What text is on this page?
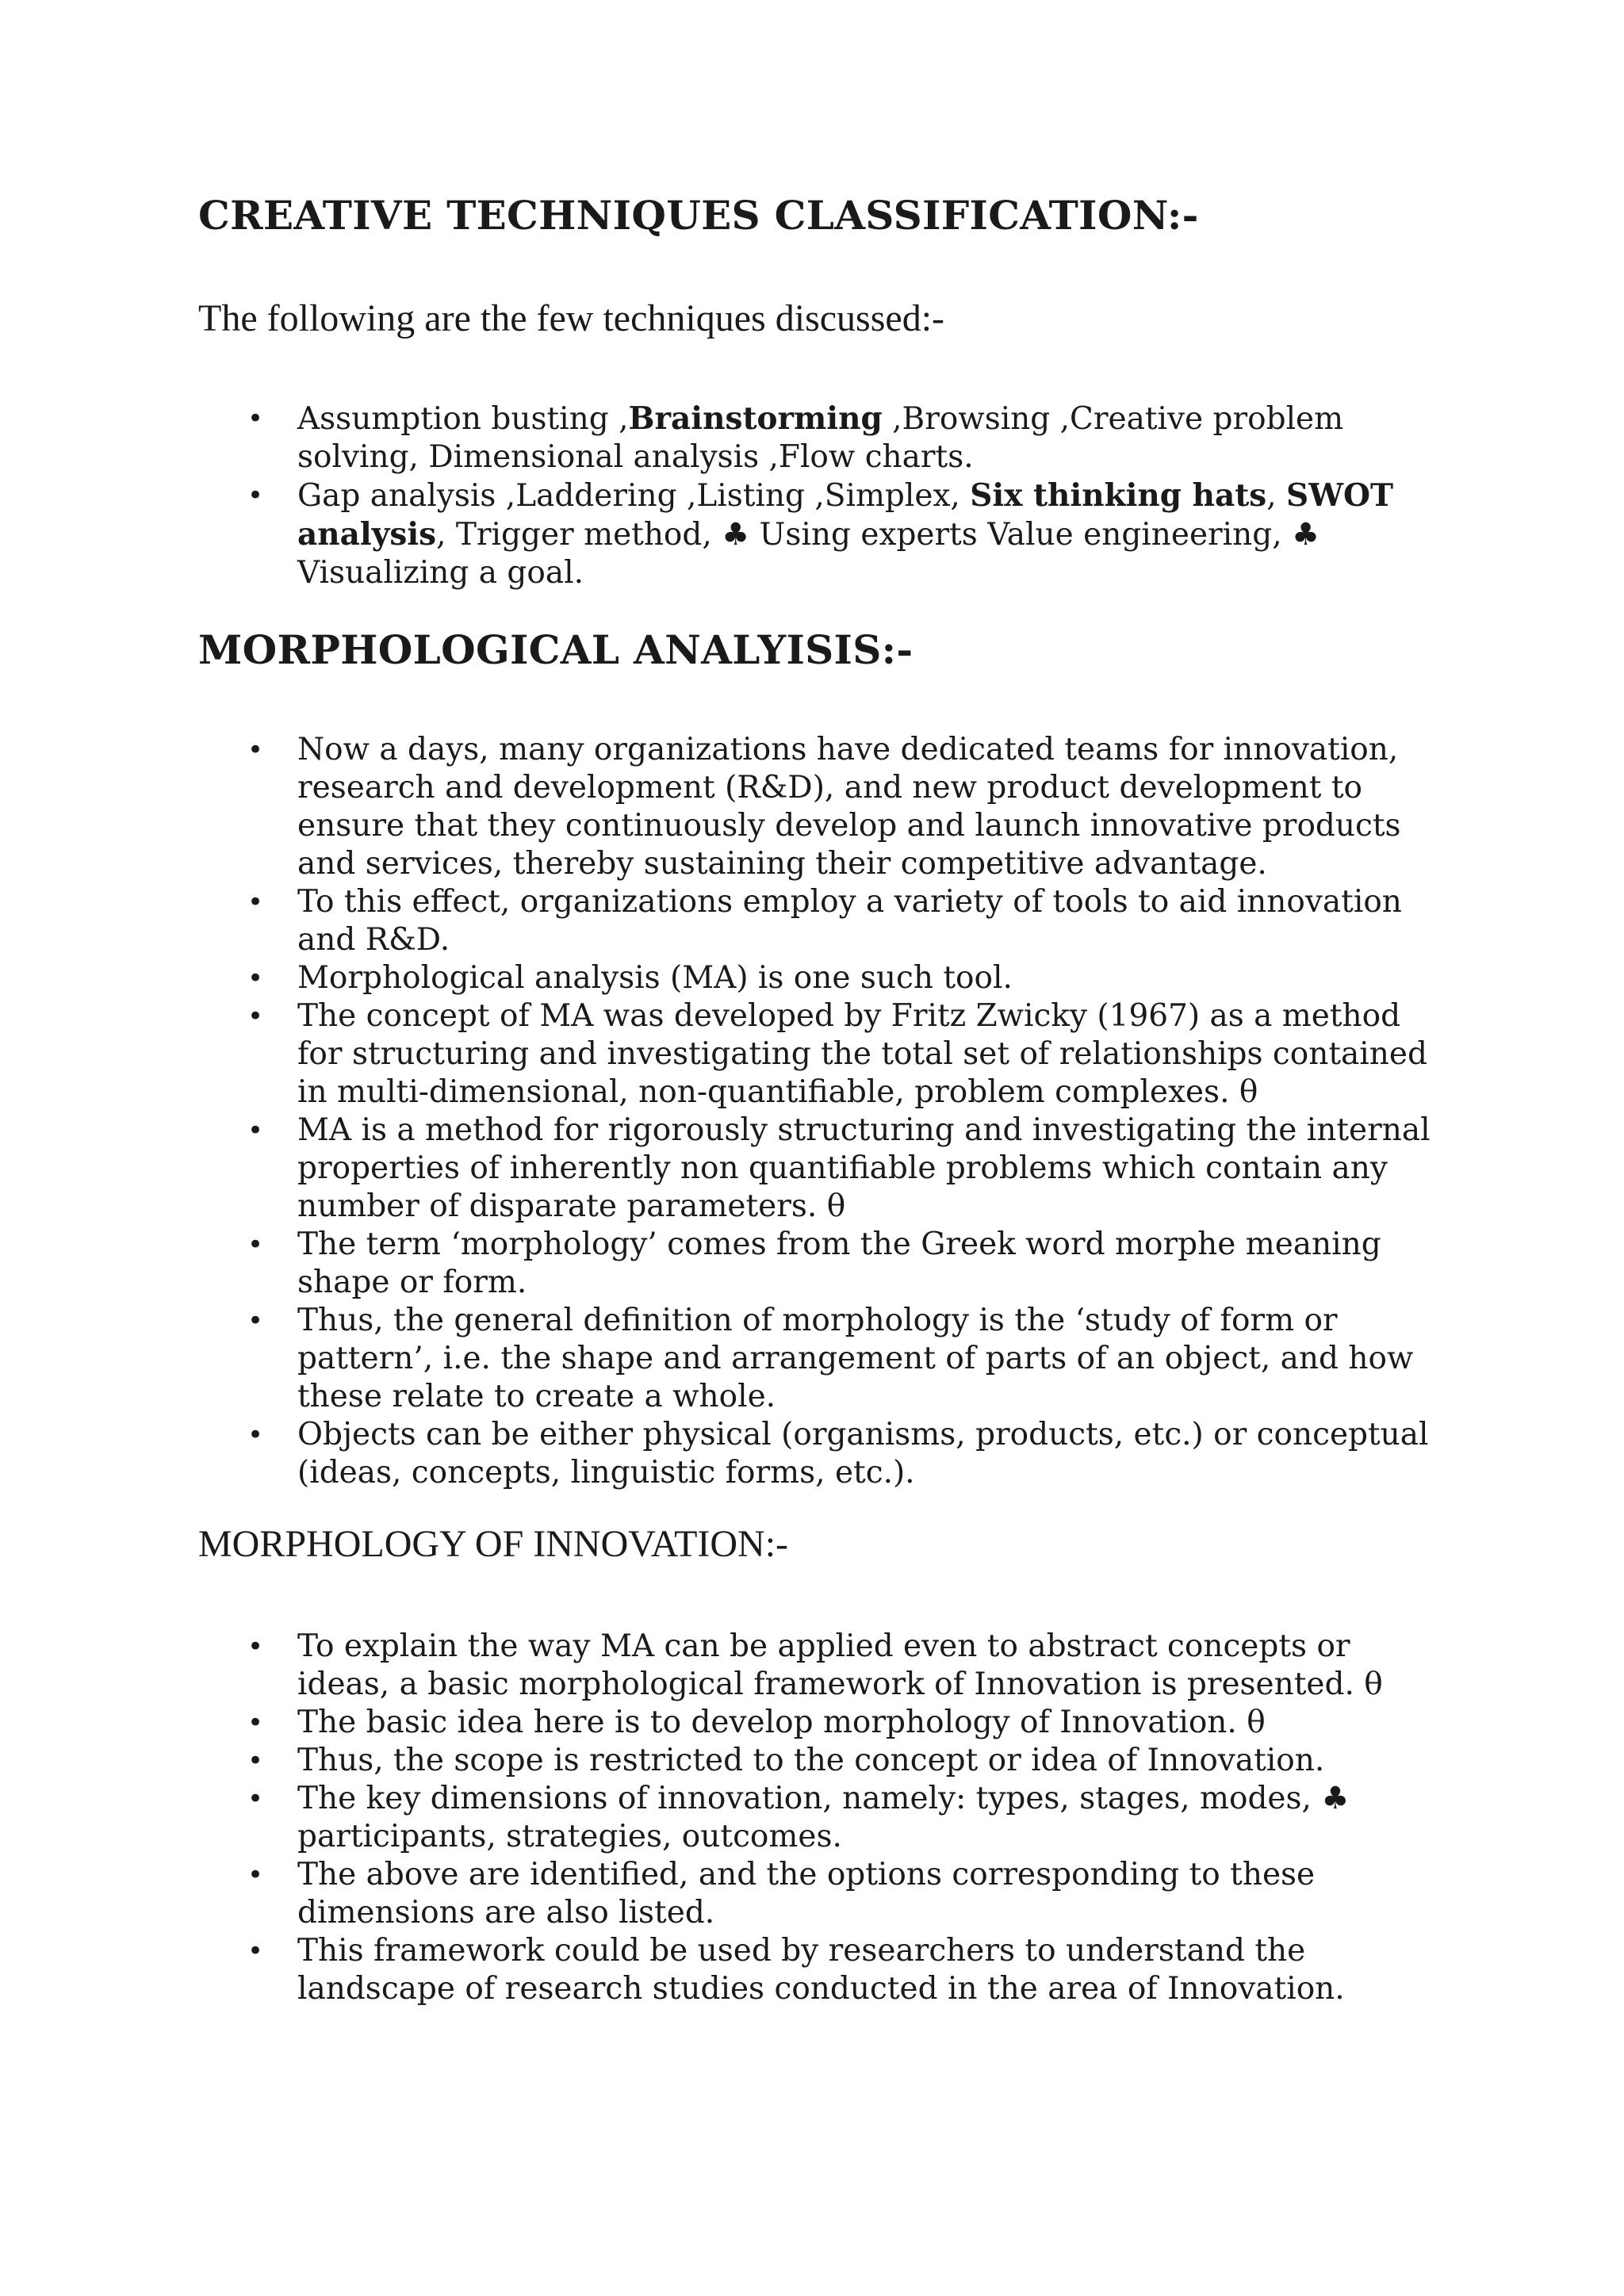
CREATIVE TECHNIQUES CLASSIFICATION:-

The following are the few techniques discussed:-

• Assumption busting ,Brainstorming ,Browsing ,Creative problem solving, Dimensional analysis ,Flow charts.
• Gap analysis ,Laddering ,Listing ,Simplex, Six thinking hats, SWOT analysis, Trigger method, ♣ Using experts Value engineering, ♣ Visualizing a goal.
MORPHOLOGICAL ANALYISIS:-
• Now a days, many organizations have dedicated teams for innovation, research and development (R&D), and new product development to ensure that they continuously develop and launch innovative products and services, thereby sustaining their competitive advantage.
• To this effect, organizations employ a variety of tools to aid innovation and R&D.
• Morphological analysis (MA) is one such tool.
• The concept of MA was developed by Fritz Zwicky (1967) as a method for structuring and investigating the total set of relationships contained in multi-dimensional, non-quantifiable, problem complexes. θ
• MA is a method for rigorously structuring and investigating the internal properties of inherently non quantifiable problems which contain any number of disparate parameters. θ
• The term ‘morphology’ comes from the Greek word morphe meaning shape or form.
• Thus, the general definition of morphology is the ‘study of form or pattern’, i.e. the shape and arrangement of parts of an object, and how these relate to create a whole.
• Objects can be either physical (organisms, products, etc.) or conceptual (ideas, concepts, linguistic forms, etc.).
MORPHOLOGY OF INNOVATION:-
• To explain the way MA can be applied even to abstract concepts or ideas, a basic morphological framework of Innovation is presented. θ
• The basic idea here is to develop morphology of Innovation. θ
• Thus, the scope is restricted to the concept or idea of Innovation.
• The key dimensions of innovation, namely: types, stages, modes, ♣ participants, strategies, outcomes.
• The above are identified, and the options corresponding to these dimensions are also listed.
• This framework could be used by researchers to understand the landscape of research studies conducted in the area of Innovation.
